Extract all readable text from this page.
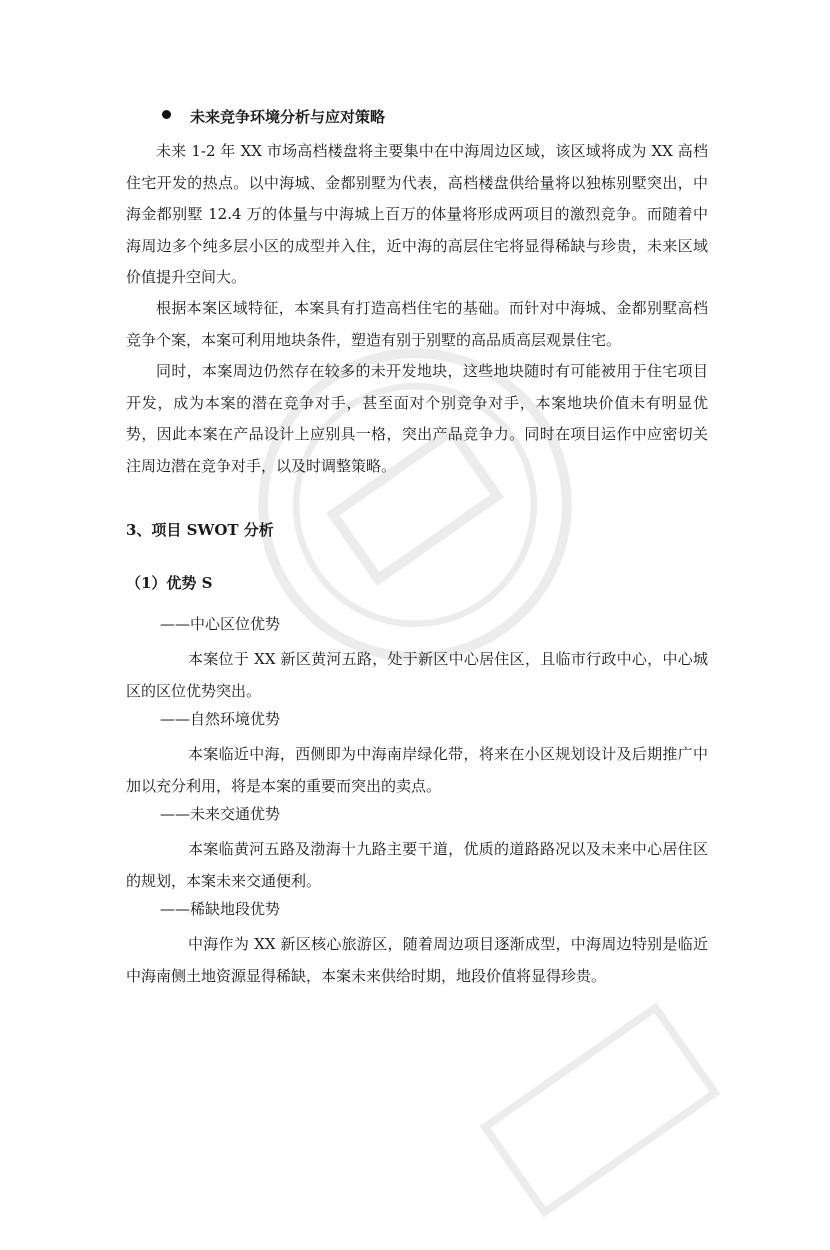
未来竞争环境分析与应对策略

未来 1-2 年 XX 市场高档楼盘将主要集中在中海周边区域，该区域将成为 XX 高档住宅开发的热点。以中海城、金都别墅为代表，高档楼盘供给量将以独栋别墅突出，中海金都别墅 12.4 万的体量与中海城上百万的体量将形成两项目的激烈竞争。而随着中海周边多个纯多层小区的成型并入住，近中海的高层住宅将显得稀缺与珍贵，未来区域价值提升空间大。

根据本案区域特征，本案具有打造高档住宅的基础。而针对中海城、金都别墅高档竞争个案，本案可利用地块条件，塑造有别于别墅的高品质高层观景住宅。

同时，本案周边仍然存在较多的未开发地块，这些地块随时有可能被用于住宅项目开发，成为本案的潜在竞争对手，甚至面对个别竞争对手，本案地块价值未有明显优势，因此本案在产品设计上应别具一格，突出产品竞争力。同时在项目运作中应密切关注周边潜在竞争对手，以及时调整策略。

3、项目 SWOT 分析
（1）优势 S
——中心区位优势

本案位于 XX 新区黄河五路，处于新区中心居住区，且临市行政中心，中心城区的区位优势突出。

——自然环境优势

本案临近中海，西侧即为中海南岸绿化带，将来在小区规划设计及后期推广中加以充分利用，将是本案的重要而突出的卖点。

——未来交通优势

本案临黄河五路及渤海十九路主要干道，优质的道路路况以及未来中心居住区的规划，本案未来交通便利。

——稀缺地段优势

中海作为 XX 新区核心旅游区，随着周边项目逐渐成型，中海周边特别是临近中海南侧土地资源显得稀缺，本案未来供给时期，地段价值将显得珍贵。
